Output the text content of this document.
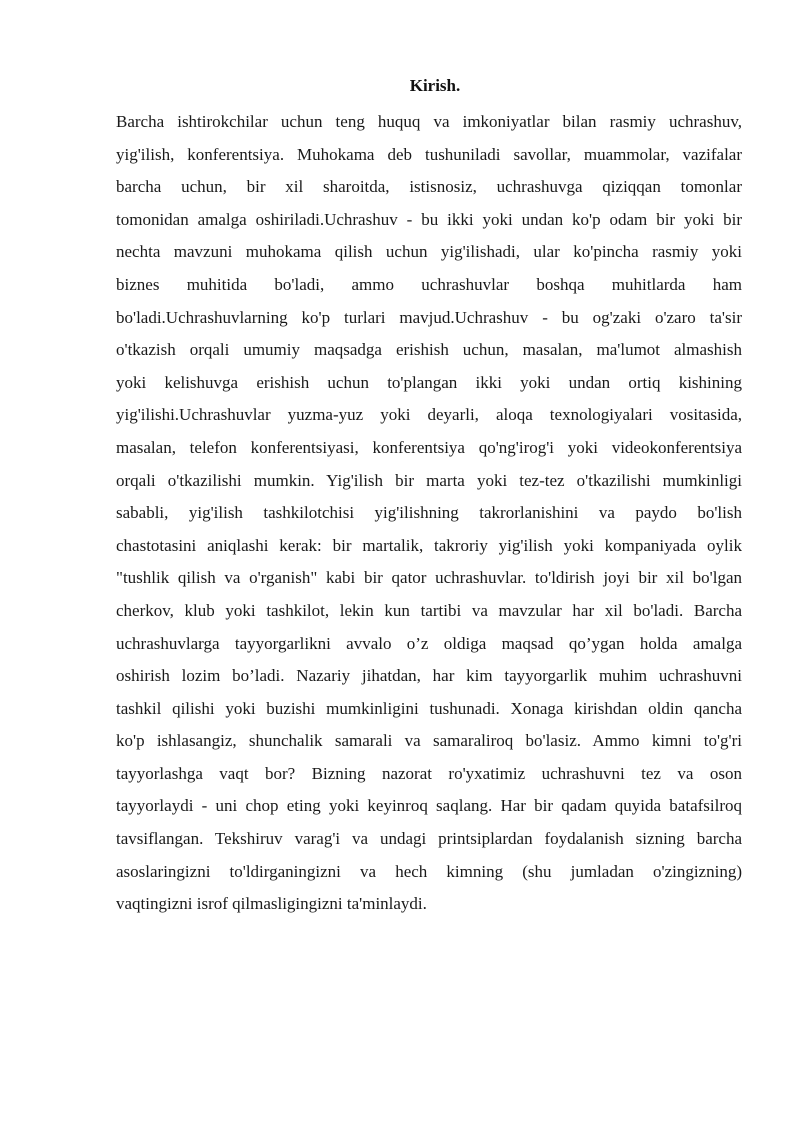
Kirish.
Barcha ishtirokchilar uchun teng huquq va imkoniyatlar bilan rasmiy uchrashuv,
yig'ilish, konferentsiya. Muhokama deb tushuniladi savollar, muammolar, vazifalar
barcha uchun, bir xil sharoitda, istisnosiz, uchrashuvga qiziqqan tomonlar
tomonidan amalga oshiriladi.Uchrashuv - bu ikki yoki undan ko'p odam bir yoki bir
nechta mavzuni muhokama qilish uchun yig'ilishadi, ular ko'pincha rasmiy yoki
biznes muhitida bo'ladi, ammo uchrashuvlar boshqa muhitlarda ham
bo'ladi.Uchrashuvlarning ko'p turlari mavjud.Uchrashuv - bu og'zaki o'zaro ta'sir
o'tkazish orqali umumiy maqsadga erishish uchun, masalan, ma'lumot almashish
yoki kelishuvga erishish uchun to'plangan ikki yoki undan ortiq kishining
yig'ilishi.Uchrashuvlar yuzma-yuz yoki deyarli, aloqa texnologiyalari vositasida,
masalan, telefon konferentsiyasi, konferentsiya qo'ng'irog'i yoki videokonferentsiya
orqali o'tkazilishi mumkin. Yig'ilish bir marta yoki tez-tez o'tkazilishi mumkinligi
sababli, yig'ilish tashkilotchisi yig'ilishning takrorlanishini va paydo bo'lish
chastotasini aniqlashi kerak: bir martalik, takroriy yig'ilish yoki kompaniyada oylik
"tushlik qilish va o'rganish" kabi bir qator uchrashuvlar. to'ldirish joyi bir xil bo'lgan
cherkov, klub yoki tashkilot, lekin kun tartibi va mavzular har xil bo'ladi. Barcha
uchrashuvlarga tayyorgarlikni avvalo o’z oldiga maqsad qo’ygan holda amalga
oshirish lozim bo’ladi. Nazariy jihatdan, har kim tayyorgarlik muhim uchrashuvni
tashkil qilishi yoki buzishi mumkinligini tushunadi. Xonaga kirishdan oldin qancha
ko'p ishlasangiz, shunchalik samarali va samaraliroq bo'lasiz. Ammo kimni to'g'ri
tayyorlashga vaqt bor? Bizning nazorat ro'yxatimiz uchrashuvni tez va oson
tayyorlaydi - uni chop eting yoki keyinroq saqlang. Har bir qadam quyida batafsilroq
tavsiflangan. Tekshiruv varag'i va undagi printsiplardan foydalanish sizning barcha
asoslaringizni to'ldirganingizni va hech kimning (shu jumladan o'zingizning)
vaqtingizni isrof qilmasligingizni ta'minlaydi.
